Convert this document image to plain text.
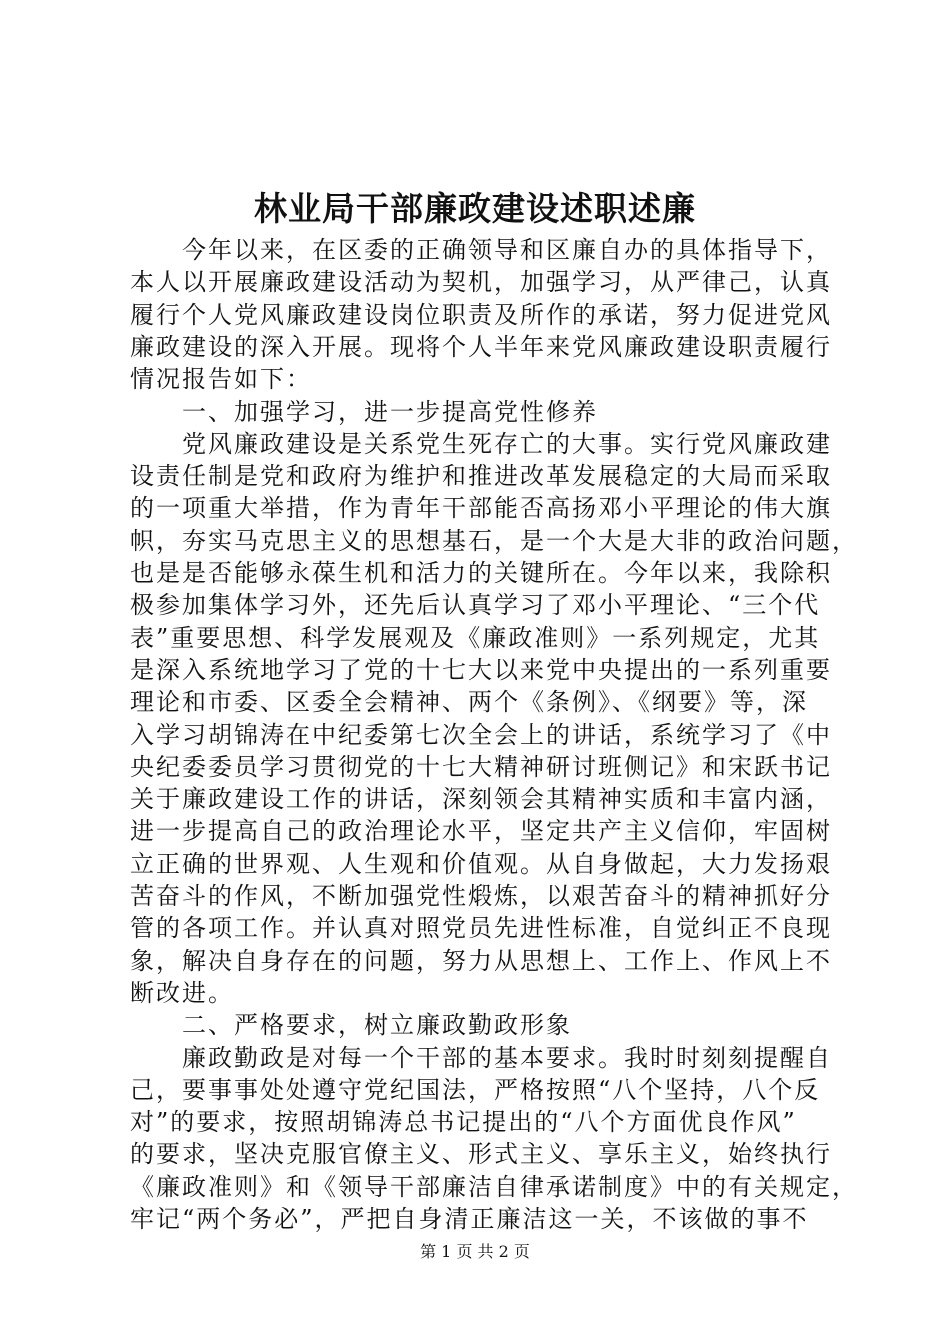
林业局干部廉政建设述职述廉
　　今年以来，在区委的正确领导和区廉自办的具体指导下，
本人以开展廉政建设活动为契机，加强学习，从严律己，认真
履行个人党风廉政建设岗位职责及所作的承诺，努力促进党风
廉政建设的深入开展。现将个人半年来党风廉政建设职责履行
情况报告如下：
　　一、加强学习，进一步提高党性修养
　　党风廉政建设是关系党生死存亡的大事。实行党风廉政建
设责任制是党和政府为维护和推进改革发展稳定的大局而采取
的一项重大举措，作为青年干部能否高扬邓小平理论的伟大旗
帜，夯实马克思主义的思想基石，是一个大是大非的政治问题，
也是是否能够永葆生机和活力的关键所在。今年以来，我除积
极参加集体学习外，还先后认真学习了邓小平理论、“三个代
表”重要思想、科学发展观及《廉政准则》一系列规定，尤其
是深入系统地学习了党的十七大以来党中央提出的一系列重要
理论和市委、区委全会精神、两个《条例》、《纲要》等，深
入学习胡锦涛在中纪委第七次全会上的讲话，系统学习了《中
央纪委委员学习贯彻党的十七大精神研讨班侧记》和宋跃书记
关于廉政建设工作的讲话，深刻领会其精神实质和丰富内涵，
进一步提高自己的政治理论水平，坚定共产主义信仰，牢固树
立正确的世界观、人生观和价值观。从自身做起，大力发扬艰
苦奋斗的作风，不断加强党性煅炼，以艰苦奋斗的精神抓好分
管的各项工作。并认真对照党员先进性标准，自觉纠正不良现
象，解决自身存在的问题，努力从思想上、工作上、作风上不
断改进。
　　二、严格要求，树立廉政勤政形象
　　廉政勤政是对每一个干部的基本要求。我时时刻刻提醒自
己，要事事处处遵守党纪国法，严格按照“八个坚持，八个反
对”的要求，按照胡锦涛总书记提出的“八个方面优良作风”
的要求，坚决克服官僚主义、形式主义、享乐主义，始终执行
《廉政准则》和《领导干部廉洁自律承诺制度》中的有关规定，
牢记“两个务必”，严把自身清正廉洁这一关，不该做的事不
第 1 页 共 2 页
